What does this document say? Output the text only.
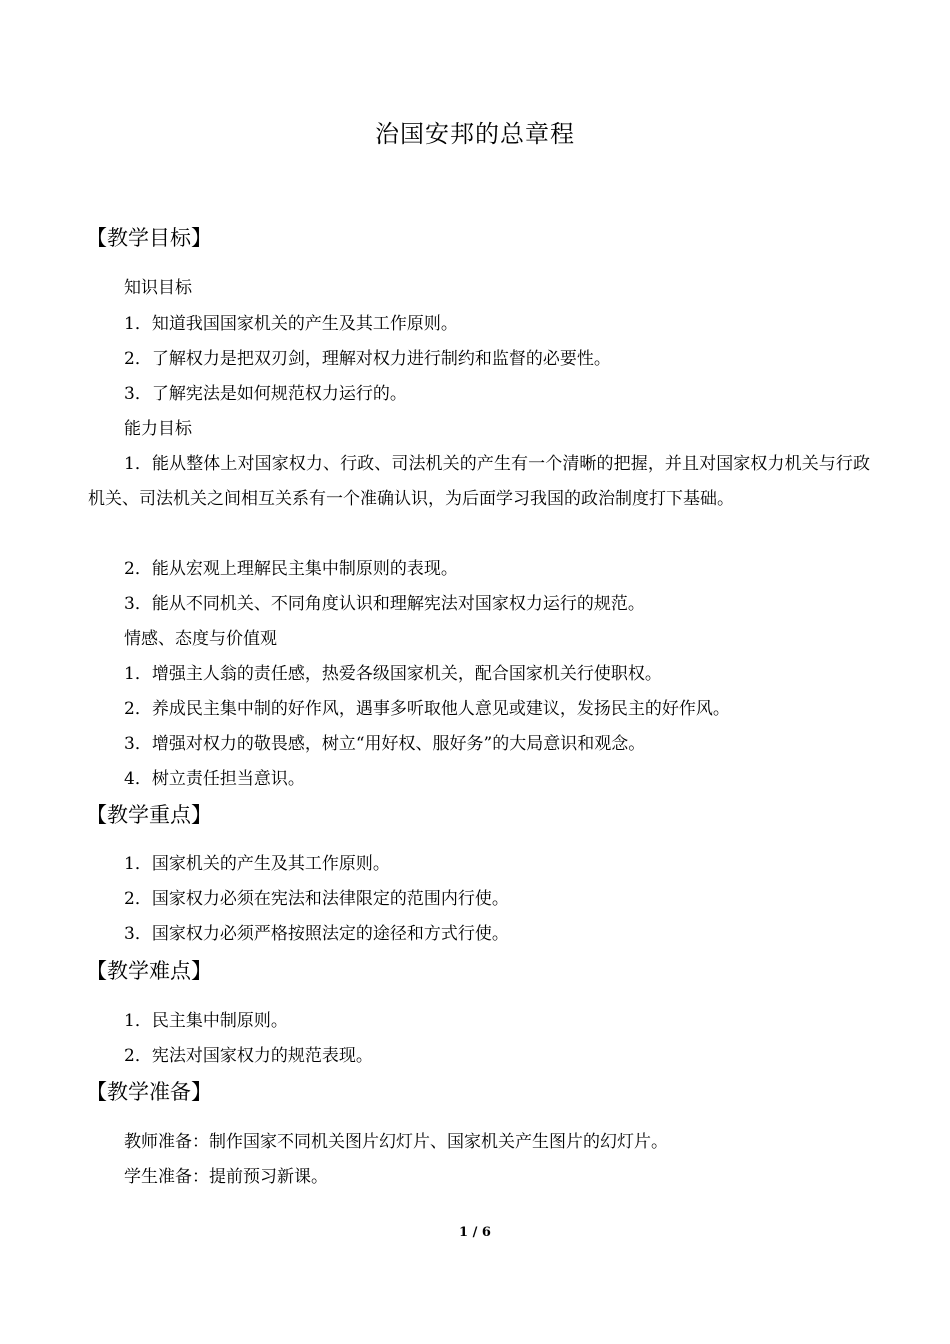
治国安邦的总章程
【教学目标】
知识目标
1．知道我国国家机关的产生及其工作原则。
2．了解权力是把双刃剑，理解对权力进行制约和监督的必要性。
3．了解宪法是如何规范权力运行的。
能力目标
1．能从整体上对国家权力、行政、司法机关的产生有一个清晰的把握，并且对国家权力机关与行政机关、司法机关之间相互关系有一个准确认识，为后面学习我国的政治制度打下基础。
2．能从宏观上理解民主集中制原则的表现。
3．能从不同机关、不同角度认识和理解宪法对国家权力运行的规范。
情感、态度与价值观
1．增强主人翁的责任感，热爱各级国家机关，配合国家机关行使职权。
2．养成民主集中制的好作风，遇事多听取他人意见或建议，发扬民主的好作风。
3．增强对权力的敬畏感，树立“用好权、服好务”的大局意识和观念。
4．树立责任担当意识。
【教学重点】
1．国家机关的产生及其工作原则。
2．国家权力必须在宪法和法律限定的范围内行使。
3．国家权力必须严格按照法定的途径和方式行使。
【教学难点】
1．民主集中制原则。
2．宪法对国家权力的规范表现。
【教学准备】
教师准备：制作国家不同机关图片幻灯片、国家机关产生图片的幻灯片。
学生准备：提前预习新课。
1 / 6
